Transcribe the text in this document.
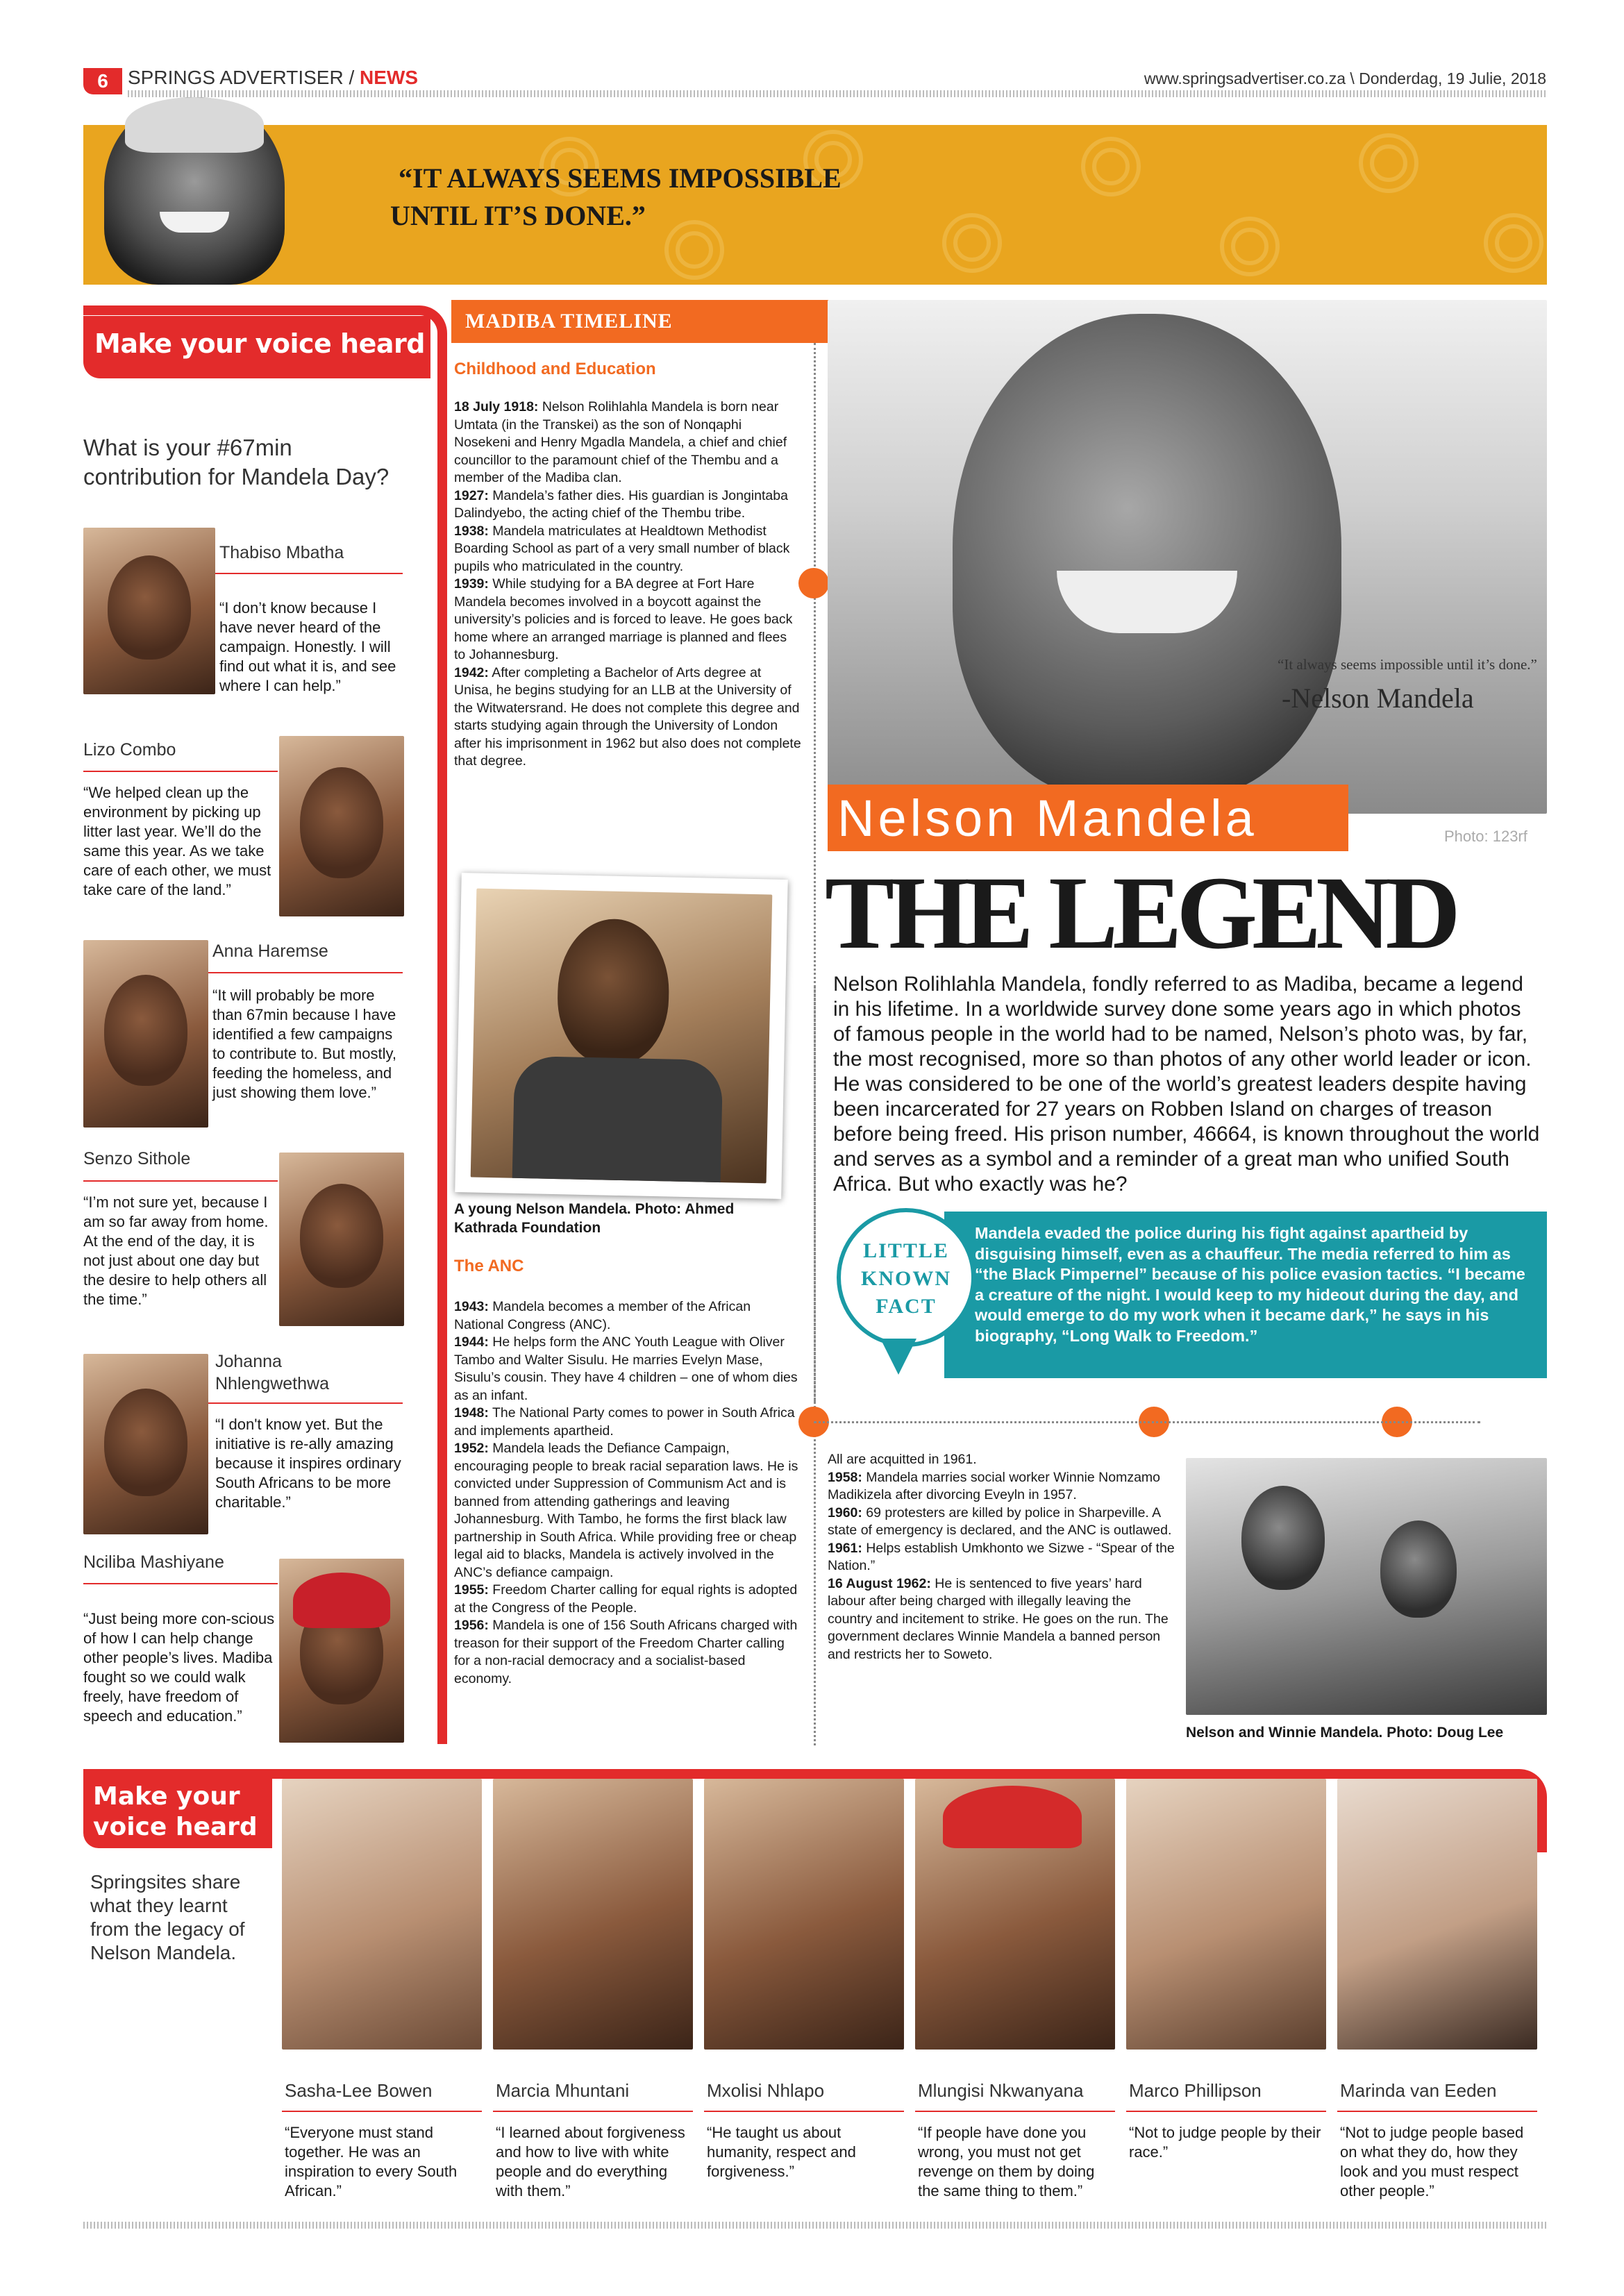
6	SPRINGS ADVERTISER / NEWS	www.springsadvertiser.co.za \ Donderdag, 19 Julie, 2018
“IT ALWAYS SEEMS IMPOSSIBLE
UNTIL IT’S DONE.”
Make your voice heard
What is your #67min contribution for Mandela Day?
Thabiso Mbatha
“I don’t know because I have never heard of the campaign. Honestly. I will find out what it is, and see where I can help.”
Lizo Combo
“We helped clean up the environment by picking up litter last year. We’ll do the same this year. As we take care of each other, we must take care of the land.”
Anna Haremse
“It will probably be more than 67min because I have identified a few campaigns to contribute to. But mostly, feeding the homeless, and just showing them love.”
Senzo Sithole
“I’m not sure yet, because I am so far away from home. At the end of the day, it is not just about one day but the desire to help others all the time.”
Johanna Nhlengwethwa
“I don't know yet. But the initiative is re-ally amazing because it inspires ordinary South Africans to be more charitable.”
Nciliba Mashiyane
“Just being more con-scious of how I can help change other people’s lives. Madiba fought so we could walk freely, have freedom of speech and education.”
MADIBA TIMELINE
Childhood and Education

18 July 1918: Nelson Rolihlahla Mandela is born near Umtata (in the Transkei) as the son of Nonqaphi Nosekeni and Henry Mgadla Mandela, a chief and chief councillor to the paramount chief of the Thembu and a member of the Madiba clan.

1927: Mandela’s father dies. His guardian is Jongintaba Dalindyebo, the acting chief of the Thembu tribe.

1938: Mandela matriculates at Healdtown Methodist Boarding School as part of a very small number of black pupils who matriculated in the country.

1939: While studying for a BA degree at Fort Hare Mandela becomes involved in a boycott against the university’s policies and is forced to leave. He goes back home where an arranged marriage is planned and flees to Johannesburg.

1942: After completing a Bachelor of Arts degree at Unisa, he begins studying for an LLB at the University of the Witwatersrand. He does not complete this degree and starts studying again through the University of London after his imprisonment in 1962 but also does not complete that degree.

A young Nelson Mandela. Photo: Ahmed Kathrada Foundation
The ANC

1943: Mandela becomes a member of the African National Congress (ANC).

1944: He helps form the ANC Youth League with Oliver Tambo and Walter Sisulu. He marries Evelyn Mase, Sisulu’s cousin. They have 4 children – one of whom dies as an infant.

1948: The National Party comes to power in South Africa and implements apartheid.

1952: Mandela leads the Defiance Campaign, encouraging people to break racial separation laws. He is convicted under Suppression of Communism Act and is banned from attending gatherings and leaving Johannesburg. With Tambo, he forms the first black law partnership in South Africa. While providing free or cheap legal aid to blacks, Mandela is actively involved in the ANC’s defiance campaign.

1955: Freedom Charter calling for equal rights is adopted at the Congress of the People.

1956: Mandela is one of 156 South Africans charged with treason for their support of the Freedom Charter calling for a non-racial democracy and a socialist-based economy.

“It always seems impossible until it’s done.”
-Nelson Mandela
Nelson Mandela	Photo: 123rf
THE LEGEND
Nelson Rolihlahla Mandela, fondly referred to as Madiba, became a legend in his lifetime. In a worldwide survey done some years ago in which photos of famous people in the world had to be named, Nelson’s photo was, by far, the most recognised, more so than photos of any other world leader or icon. He was considered to be one of the world’s greatest leaders despite having been incarcerated for 27 years on Robben Island on charges of treason before being freed. His prison number, 46664, is known throughout the world and serves as a symbol and a reminder of a great man who unified South Africa. But who exactly was he?
LITTLE
KNOWN
FACT
Mandela evaded the police during his fight against apartheid by disguising himself, even as a chauffeur. The media referred to him as “the Black Pimpernel” because of his police evasion tactics. “I became a creature of the night. I would keep to my hideout during the day, and would emerge to do my work when it became dark,” he says in his biography, “Long Walk to Freedom.”

All are acquitted in 1961.

1958: Mandela marries social worker Winnie Nomzamo Madikizela after divorcing Eveyln in 1957.

1960: 69 protesters are killed by police in Sharpeville. A state of emergency is declared, and the ANC is outlawed.

1961: Helps establish Umkhonto we Sizwe - “Spear of the Nation.”

16 August 1962: He is sentenced to five years’ hard labour after being charged with illegally leaving the country and incitement to strike. He goes on the run. The government declares Winnie Mandela a banned person and restricts her to Soweto.

Nelson and Winnie Mandela. Photo: Doug Lee
Make your
voice heard
Springsites share what they learnt from the legacy of Nelson Mandela.
Sasha-Lee Bowen
“Everyone must stand together. He was an inspiration to every South African.”
Marcia Mhuntani
“I learned about forgiveness and how to live with white people and do everything with them.”
Mxolisi Nhlapo
“He taught us about humanity, respect and forgiveness.”
Mlungisi Nkwanyana
“If people have done you wrong, you must not get revenge on them by doing the same thing to them.”
Marco Phillipson
“Not to judge people by their race.”
Marinda van Eeden
“Not to judge people based on what they do, how they look and you must respect other people.”
